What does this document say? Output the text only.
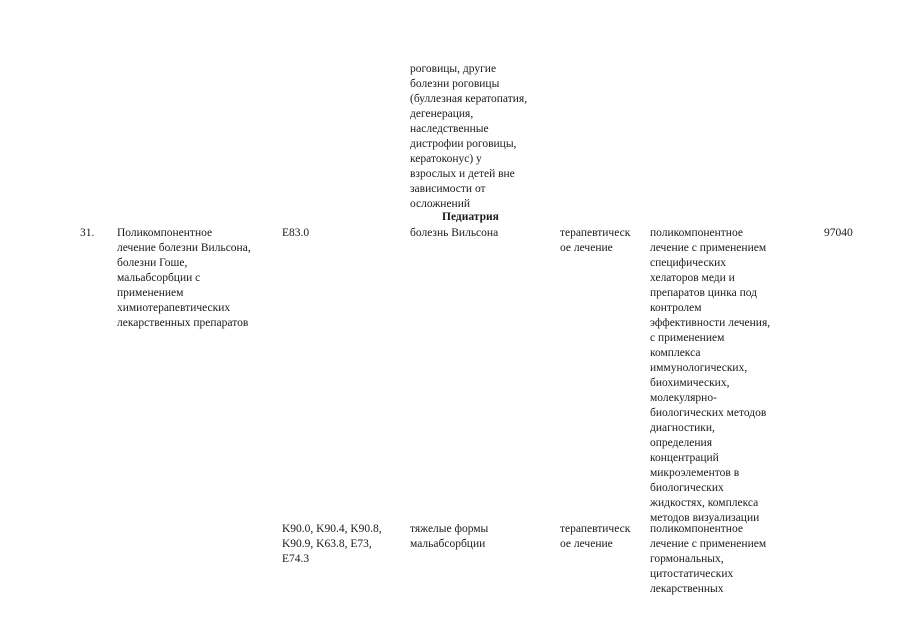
роговицы, другие
болезни роговицы
(буллезная кератопатия,
дегенерация,
наследственные
дистрофии роговицы,
кератоконус) у
взрослых и детей вне
зависимости от
осложнений
Педиатрия
31. Поликомпонентное
лечение болезни Вильсона,
болезни Гоше,
мальабсорбции с
применением
химиотерапевтических
лекарственных препаратов
97040
E83.0	болезнь Вильсона	терапевтическ
ое лечение
поликомпонентное
лечение с применением
специфических
хелаторов меди и
препаратов цинка под
контролем
эффективности лечения,
с применением
комплекса
иммунологических,
биохимических,
молекулярно-
биологических методов
диагностики,
определения
концентраций
микроэлементов в
биологических
жидкостях, комплекса
методов визуализации
K90.0, K90.4, K90.8,
K90.9, K63.8, E73,
E74.3
тяжелые формы
мальабсорбции
терапевтическ
ое лечение
поликомпонентное
лечение с применением
гормональных,
цитостатических
лекарственных
